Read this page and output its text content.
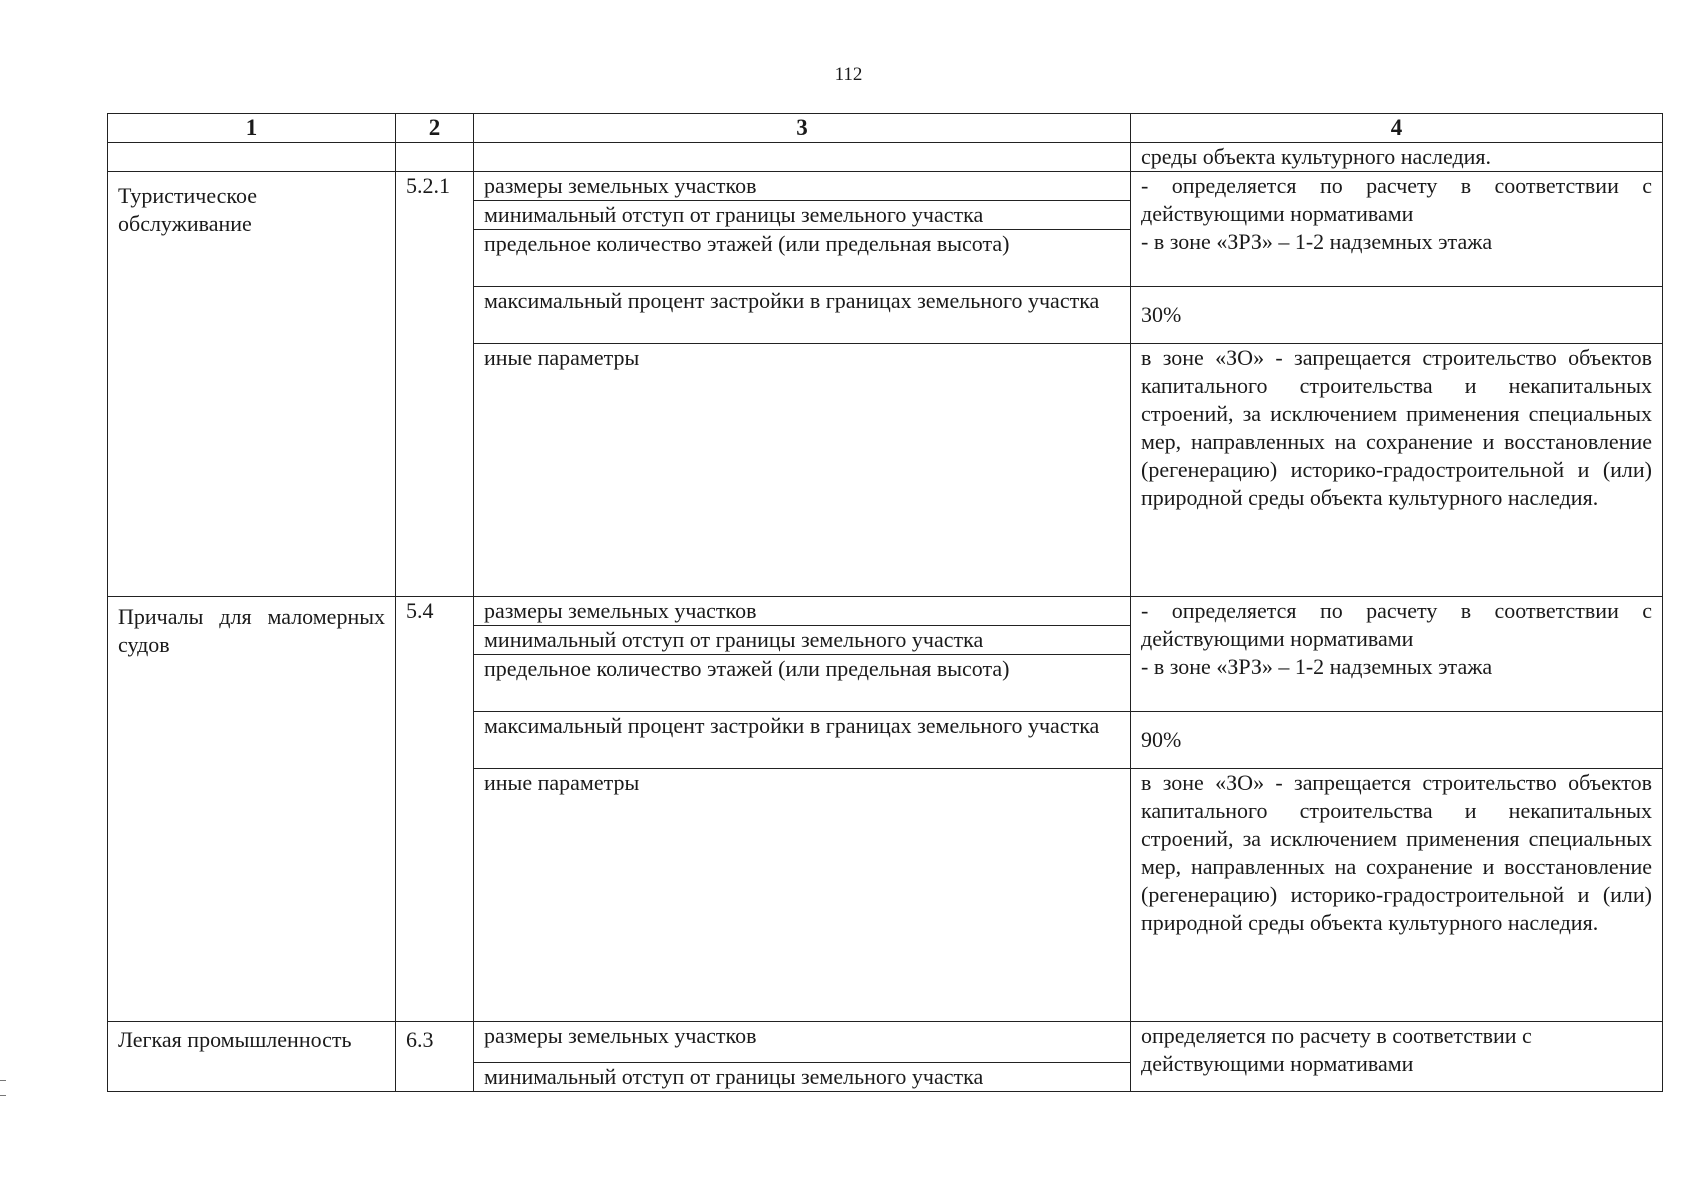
112
1	2	3	4
			среды объекта культурного наследия.

Туристическое обслуживание	5.2.1	размеры земельных участков	- определяется по расчету в соответствии с действующими нормативами
- в зоне «ЗРЗ» – 1-2 надземных этажа

		минимальный отступ от границы земельного участка	
		предельное количество этажей (или предельная высота)	
		максимальный процент застройки в границах земельного участка	30%
		иные параметры	в зоне «ЗО» - запрещается строительство объектов капитального строительства и некапитальных строений, за исключением применения специальных мер, направленных на сохранение и восстановление (регенерацию) историко-градостроительной и (или) природной среды объекта культурного наследия.

Причалы для маломерных судов	5.4	размеры земельных участков	- определяется по расчету в соответствии с действующими нормативами
- в зоне «ЗРЗ» – 1-2 надземных этажа

		минимальный отступ от границы земельного участка	
		предельное количество этажей (или предельная высота)	
		максимальный процент застройки в границах земельного участка	90%
		иные параметры	в зоне «ЗО» - запрещается строительство объектов капитального строительства и некапитальных строений, за исключением применения специальных мер, направленных на сохранение и восстановление (регенерацию) историко-градостроительной и (или) природной среды объекта культурного наследия.

Легкая промышленность	6.3	размеры земельных участков	определяется по расчету в соответствии с действующими нормативами
		минимальный отступ от границы земельного участка	
